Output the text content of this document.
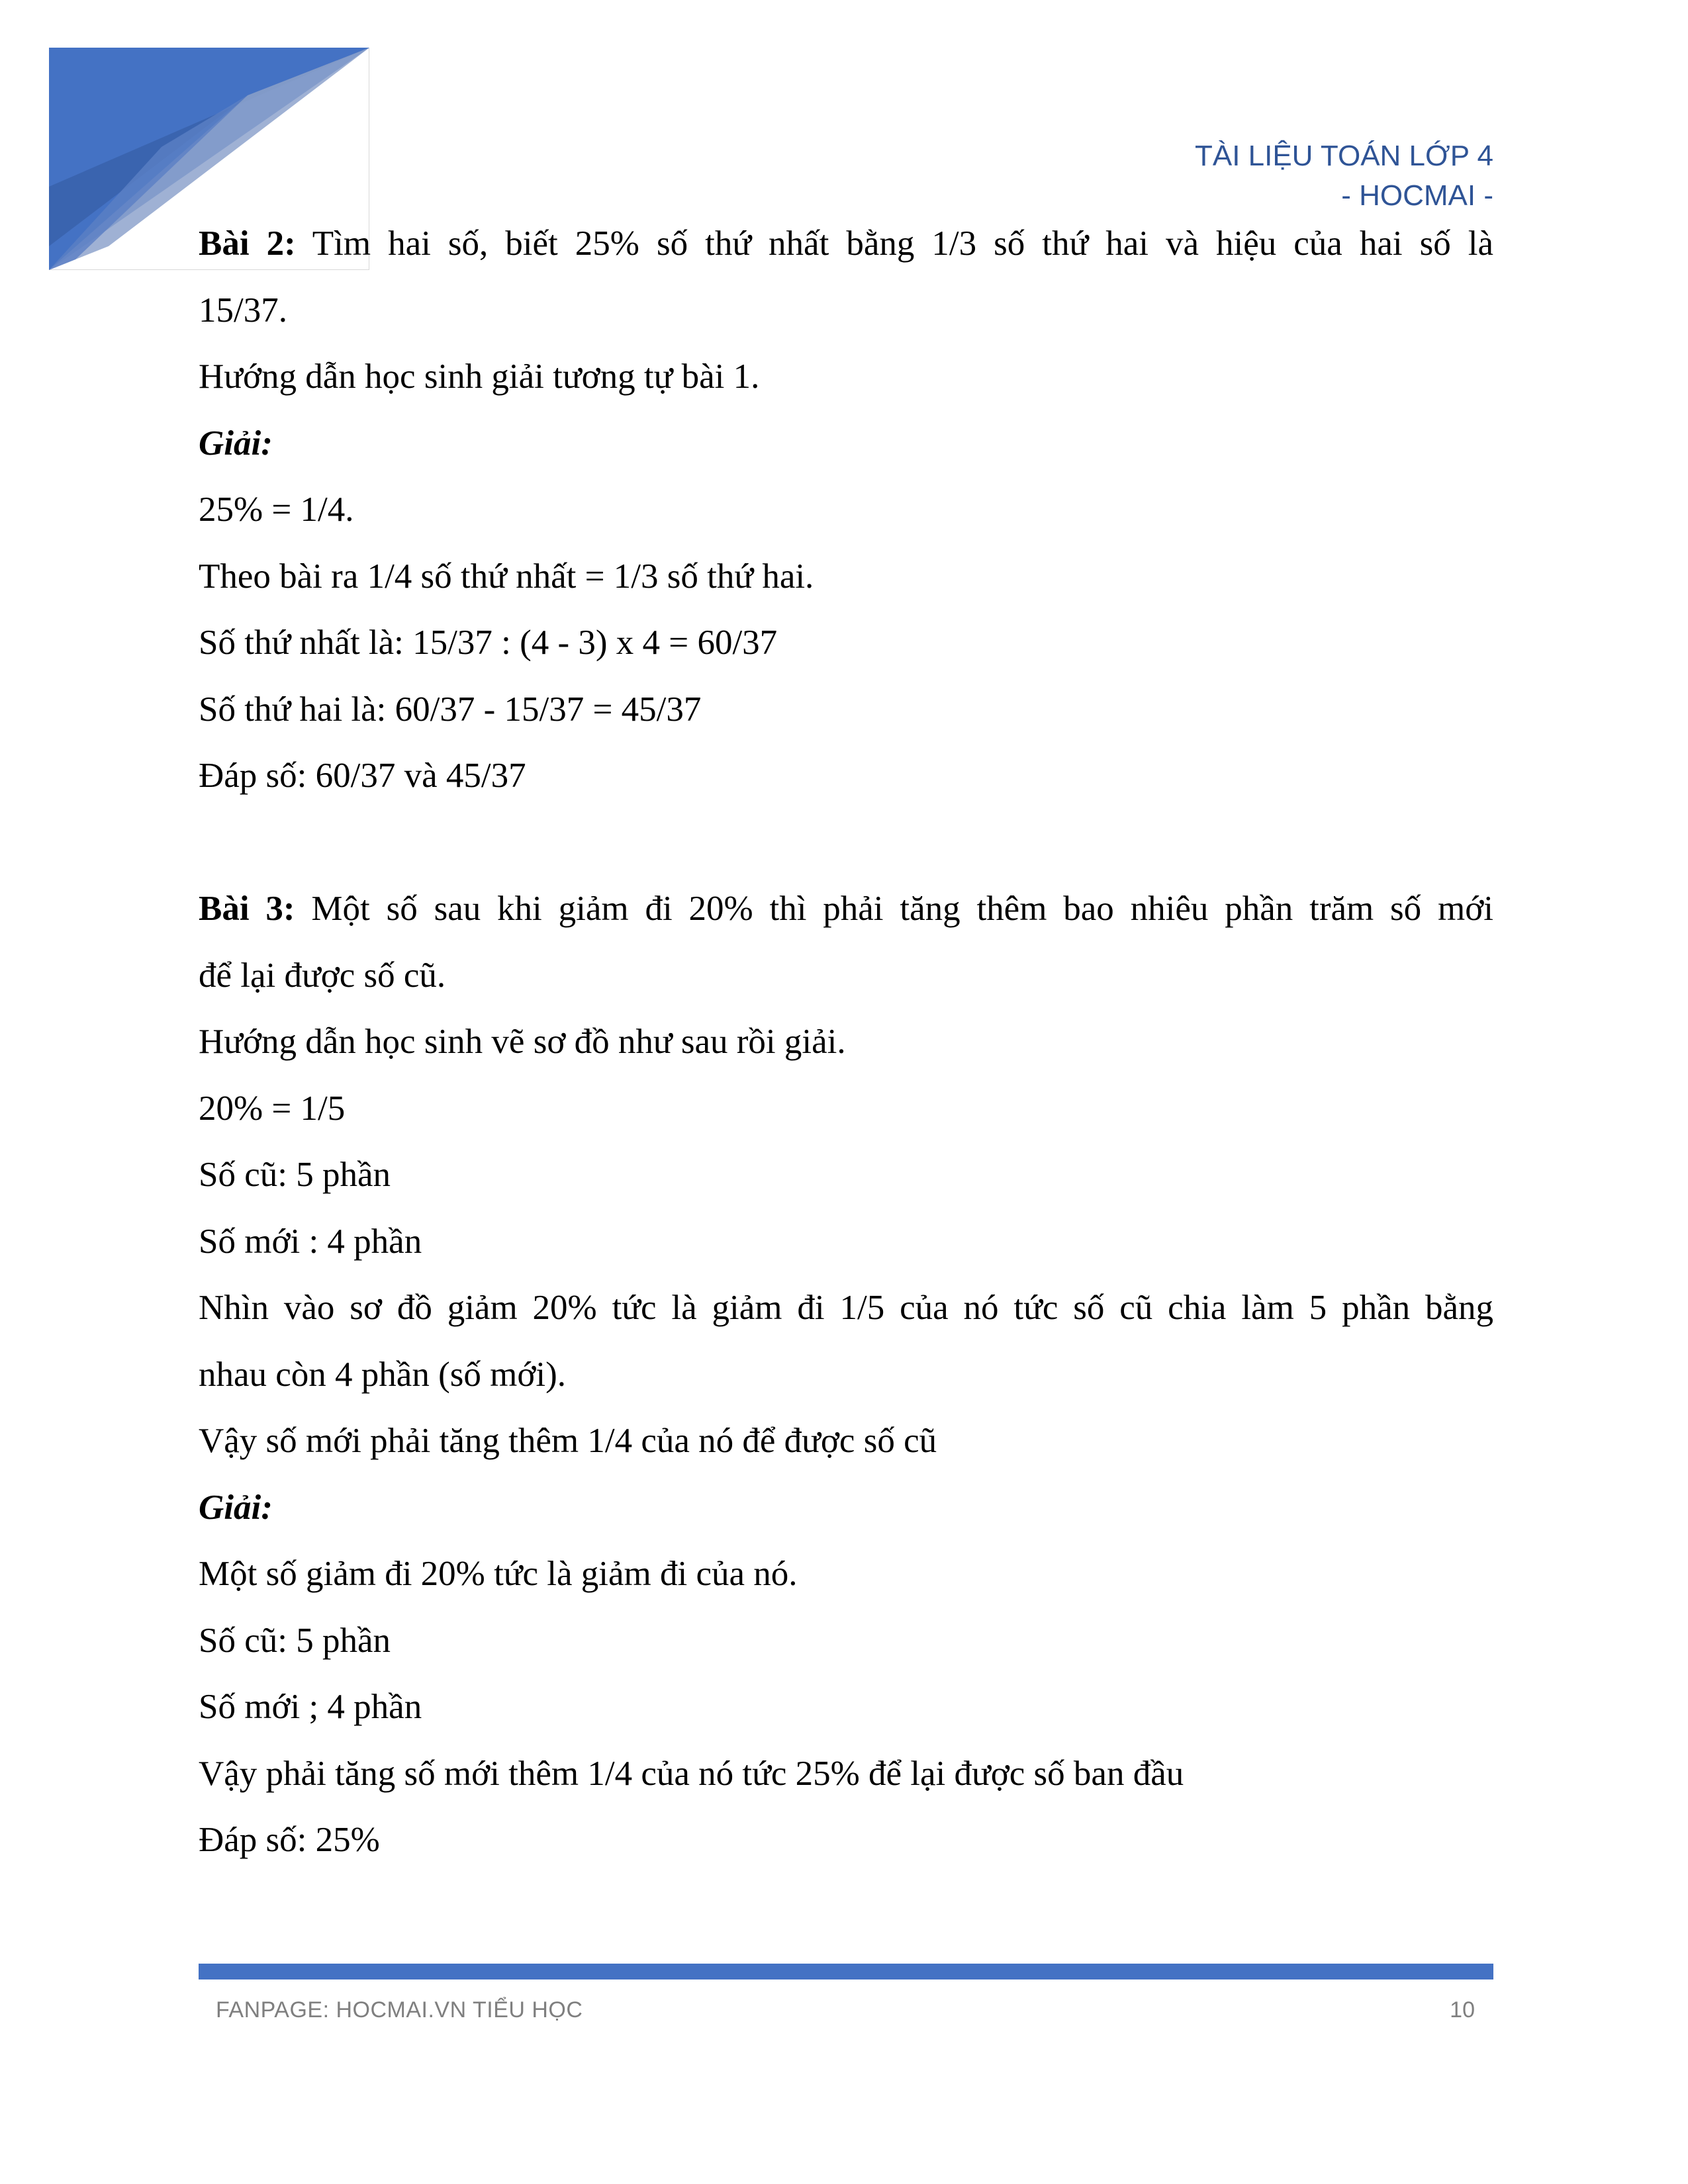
TÀI LIỆU TOÁN LỚP 4
- HOCMAI -
Bài 2: Tìm hai số, biết 25% số thứ nhất bằng 1/3 số thứ hai và hiệu của hai số là
15/37.
Hướng dẫn học sinh giải tương tự bài 1.
Giải:
25% = 1/4.
Theo bài ra 1/4 số thứ nhất = 1/3 số thứ hai.
Số thứ nhất là: 15/37 : (4 - 3) x 4 = 60/37
Số thứ hai là: 60/37 - 15/37 = 45/37
Đáp số: 60/37 và 45/37
Bài 3: Một số sau khi giảm đi 20% thì phải tăng thêm bao nhiêu phần trăm số mới
để lại được số cũ.
Hướng dẫn học sinh vẽ sơ đồ như sau rồi giải.
20% = 1/5
Số cũ: 5 phần
Số mới : 4 phần
Nhìn vào sơ đồ giảm 20% tức là giảm đi 1/5 của nó tức số cũ chia làm 5 phần bằng
nhau còn 4 phần (số mới).
Vậy số mới phải tăng thêm 1/4 của nó để được số cũ
Giải:
Một số giảm đi 20% tức là giảm đi của nó.
Số cũ: 5 phần
Số mới ; 4 phần
Vậy phải tăng số mới thêm 1/4 của nó tức 25% để lại được số ban đầu
Đáp số: 25%
FANPAGE: HOCMAI.VN TIỂU HỌC	10
